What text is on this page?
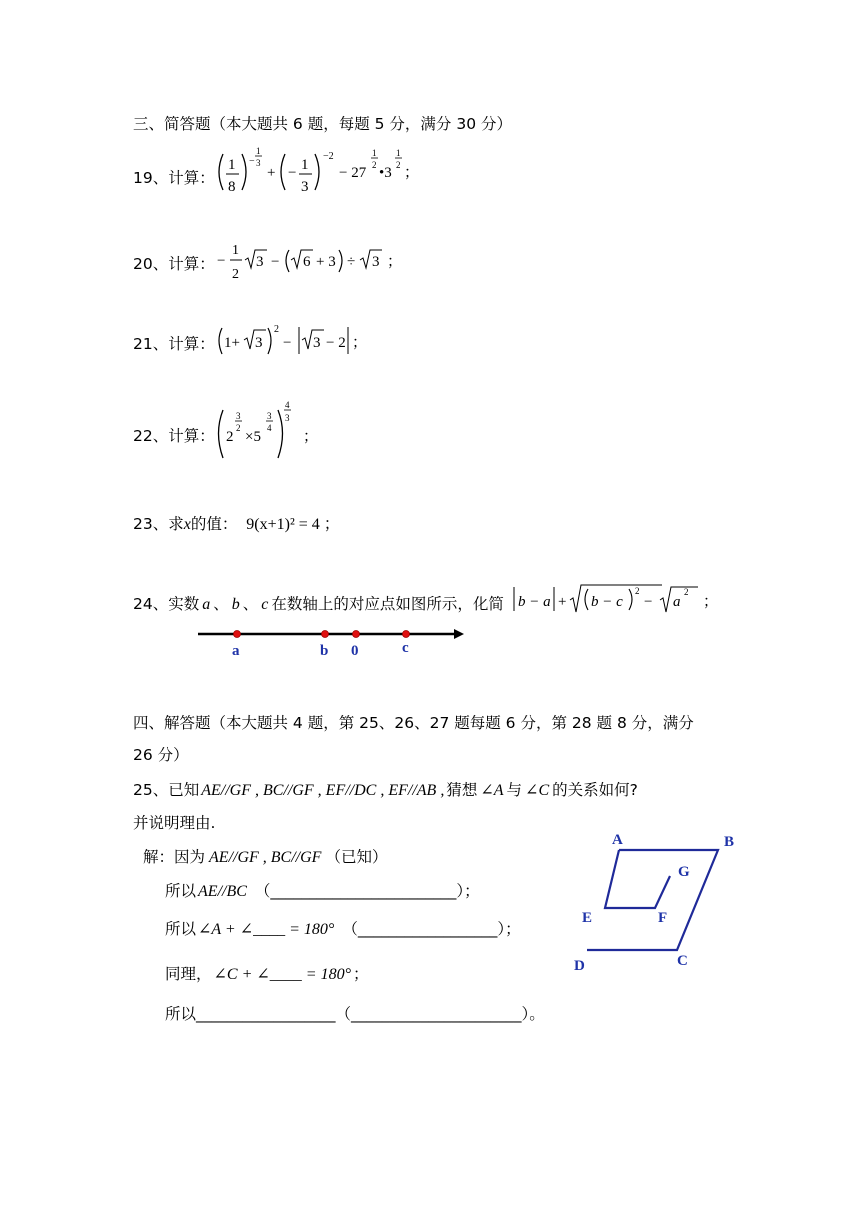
三、简答题（本大题共 6 题，每题 5 分，满分 30 分）
19、计算：
1
8
−
1
3
+ − 1
3
−2
− 27
1
2 •3
1
2 ；
20、计算： −
1
2
3 − 6 + 3 ÷ 3 ；
21、计算： 1+ 3
2
− 3 − 2 ；
22、计算： 2
3
2
×5
3
4
4
3
；
23、求x的值： 9(x+1)² = 4 ；
24、实数 a 、 b 、 c 在数轴上的对应点如图所示，化简 b − a + b − c
2
− a
2
；
a	b 0	c
四、解答题（本大题共 4 题，第 25、26、27 题每题 6 分，第 28 题 8 分，满分
26 分）
25、已知 AE//GF , BC//GF , EF//DC , EF//AB , 猜想 ∠A 与 ∠C 的关系如何?
并说明理由.
解：因为 AE//GF , BC//GF （已知）
所以 AE//BC （________________________）；
所以 ∠A + ∠____ = 180° （__________________）；
同理， ∠C + ∠____ = 180° ；
所以__________________（______________________）。
A	B
G
E	F
D	C
